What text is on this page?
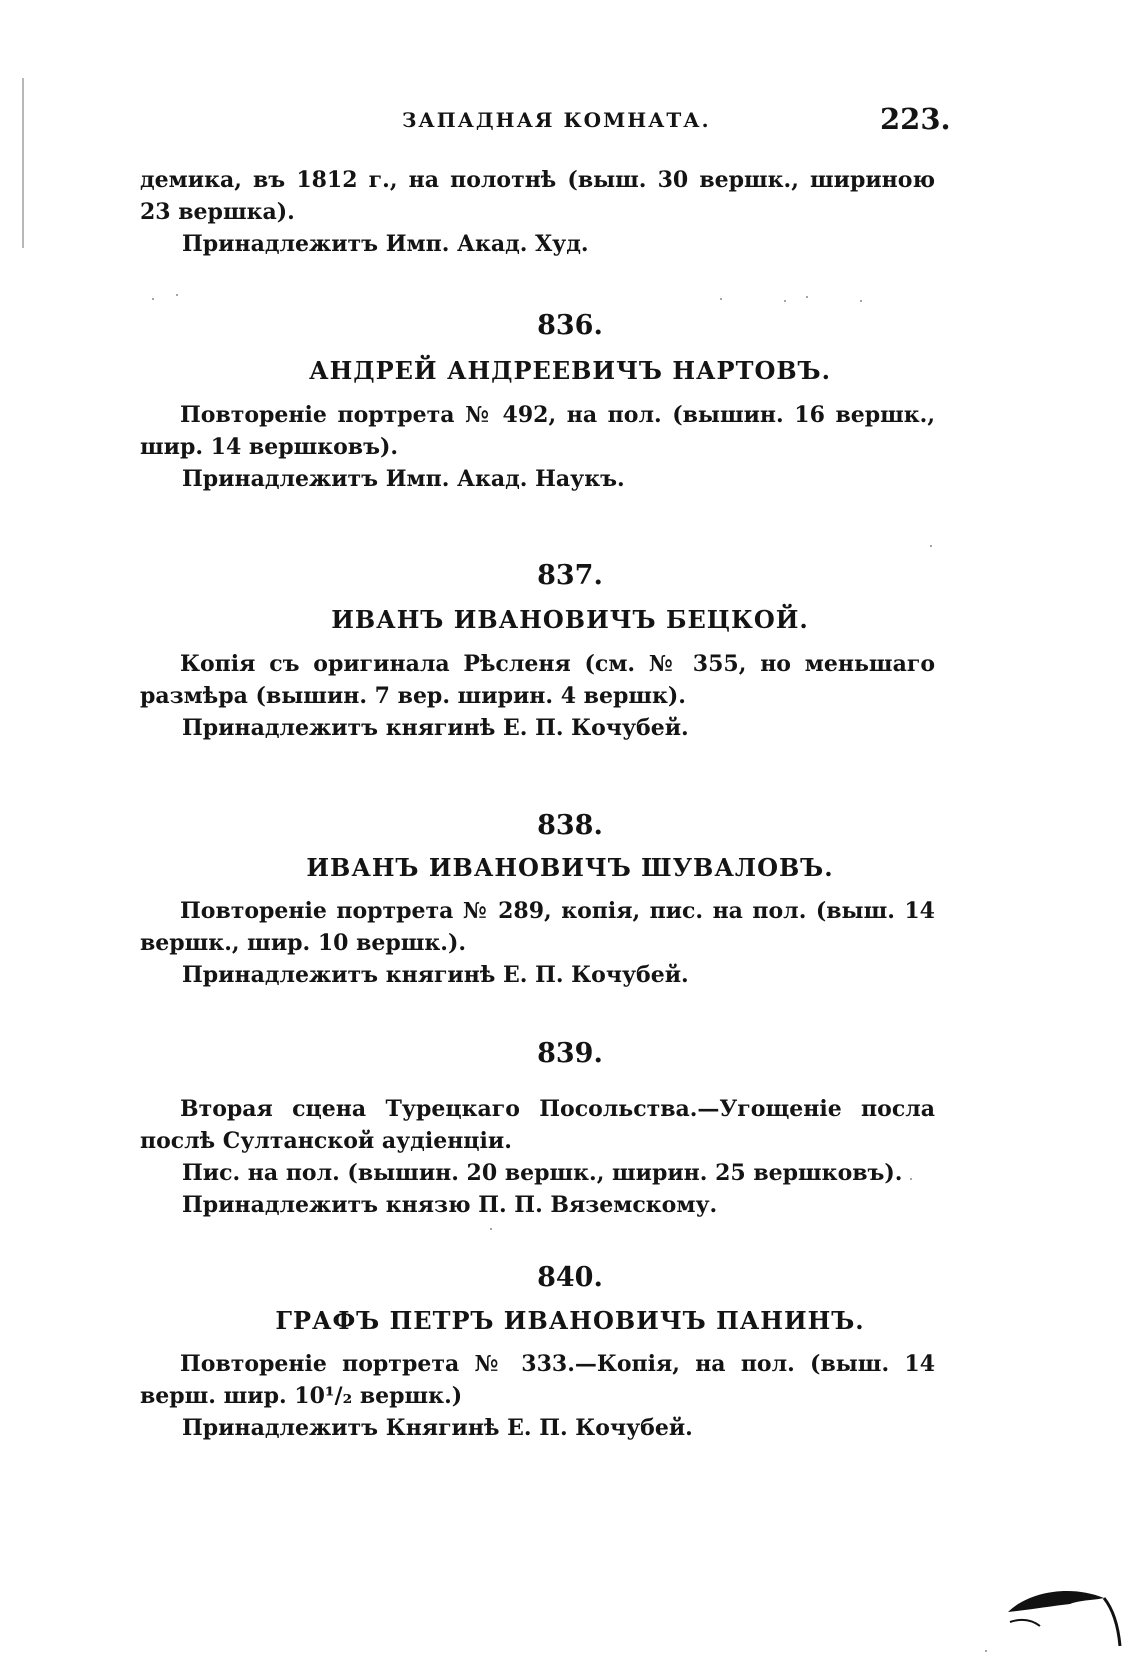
ЗАПАДНАЯ КОМНАТА.	223.

демика, въ 1812 г., на полотнѣ (выш. 30 вершк., шириною 23 вершка).

Принадлежитъ Имп. Акад. Худ.

836.
АНДРЕЙ АНДРЕЕВИЧЪ НАРТОВЪ.

Повтореніе портрета № 492, на пол. (вышин. 16 вершк., шир. 14 вершковъ).

Принадлежитъ Имп. Акад. Наукъ.

837.
ИВАНЪ ИВАНОВИЧЪ БЕЦКОЙ.

Копія съ оригинала Рѣсленя (см. № 355, но меньшаго размѣра (вышин. 7 вер. ширин. 4 вершк).

Принадлежитъ княгинѣ Е. П. Кочубей.

838.
ИВАНЪ ИВАНОВИЧЪ ШУВАЛОВЪ.

Повтореніе портрета № 289, копія, пис. на пол. (выш. 14 вершк., шир. 10 вершк.).

Принадлежитъ княгинѣ Е. П. Кочубей.

839.

Вторая сцена Турецкаго Посольства.—Угощеніе посла послѣ Султанской аудіенціи.

Пис. на пол. (вышин. 20 вершк., ширин. 25 вершковъ).

Принадлежитъ князю П. П. Вяземскому.

840.
ГРАФЪ ПЕТРЪ ИВАНОВИЧЪ ПАНИНЪ.

Повтореніе портрета № 333.—Копія, на пол. (выш. 14 верш. шир. 10¹/₂ вершк.)

Принадлежитъ Княгинѣ Е. П. Кочубей.
